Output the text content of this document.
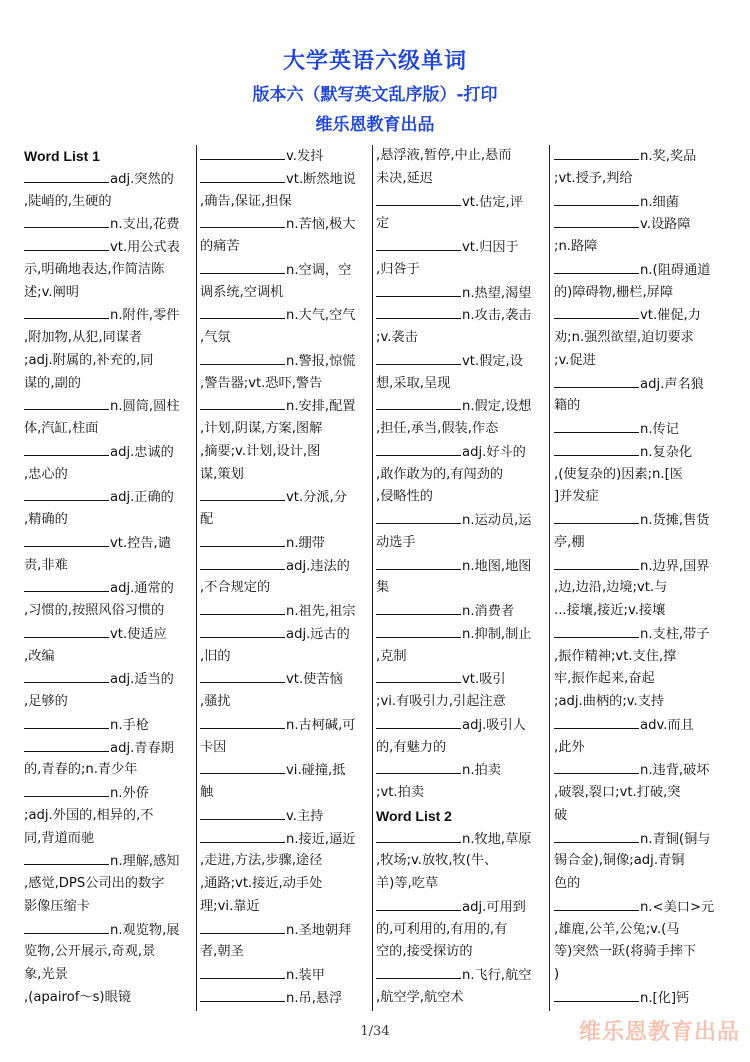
大学英语六级单词
版本六（默写英文乱序版）-打印
维乐恩教育出品
Word List 1
adj.突然的
,陡峭的,生硬的
n.支出,花费
vt.用公式表
示,明确地表达,作简洁陈
述;v.阐明
n.附件,零件
,附加物,从犯,同谋者
;adj.附属的,补充的,同
谋的,副的
n.圆筒,圆柱
体,汽缸,柱面
adj.忠诚的
,忠心的
adj.正确的
,精确的
vt.控告,谴
责,非难
adj.通常的
,习惯的,按照风俗习惯的
vt.使适应
,改编
adj.适当的
,足够的
n.手枪
adj.青春期
的,青春的;n.青少年
n.外侨
;adj.外国的,相异的,不
同,背道而驰
n.理解,感知
,感觉,DPS公司出的数字
影像压缩卡
n.观览物,展
览物,公开展示,奇观,景
象,光景
,(apairof～s)眼镜
v.发抖
vt.断然地说
,确告,保证,担保
n.苦恼,极大
的痛苦
n.空调，空
调系统,空调机
n.大气,空气
,气氛
n.警报,惊慌
,警告器;vt.恐吓,警告
n.安排,配置
,计划,阴谋,方案,图解
,摘要;v.计划,设计,图
谋,策划
vt.分派,分
配
n.绷带
adj.违法的
,不合规定的
n.祖先,祖宗
adj.远古的
,旧的
vt.使苦恼
,骚扰
n.古柯碱,可
卡因
vi.碰撞,抵
触
v.主持
n.接近,逼近
,走进,方法,步骤,途径
,通路;vt.接近,动手处
理;vi.靠近
n.圣地朝拜
者,朝圣
n.装甲
n.吊,悬浮
,悬浮液,暂停,中止,悬而
未决,延迟
vt.估定,评
定
vt.归因于
,归咎于
n.热望,渴望
n.攻击,袭击
;v.袭击
vt.假定,设
想,采取,呈现
n.假定,设想
,担任,承当,假装,作态
adj.好斗的
,敢作敢为的,有闯劲的
,侵略性的
n.运动员,运
动选手
n.地图,地图
集
n.消费者
n.抑制,制止
,克制
vt.吸引
;vi.有吸引力,引起注意
adj.吸引人
的,有魅力的
n.拍卖
;vt.拍卖
Word List 2
n.牧地,草原
,牧场;v.放牧,牧(牛、
羊)等,吃草
adj.可用到
的,可利用的,有用的,有
空的,接受探访的
n.飞行,航空
,航空学,航空术
n.奖,奖品
;vt.授予,判给
n.细菌
v.设路障
;n.路障
n.(阻碍通道
的)障碍物,栅栏,屏障
vt.催促,力
劝;n.强烈欲望,迫切要求
;v.促进
adj.声名狼
籍的
n.传记
n.复杂化
,(使复杂的)因素;n.[医
]并发症
n.货摊,售货
亭,棚
n.边界,国界
,边,边沿,边境;vt.与
...接壤,接近;v.接壤
n.支柱,带子
,振作精神;vt.支住,撑
牢,振作起来,奋起
;adj.曲柄的;v.支持
adv.而且
,此外
n.违背,破坏
,破裂,裂口;vt.打破,突
破
n.青铜(铜与
锡合金),铜像;adj.青铜
色的
n.<美口>元
,雄鹿,公羊,公兔;v.(马
等)突然一跃(将骑手摔下
)
n.[化]钙
1/34	维乐恩教育出品
